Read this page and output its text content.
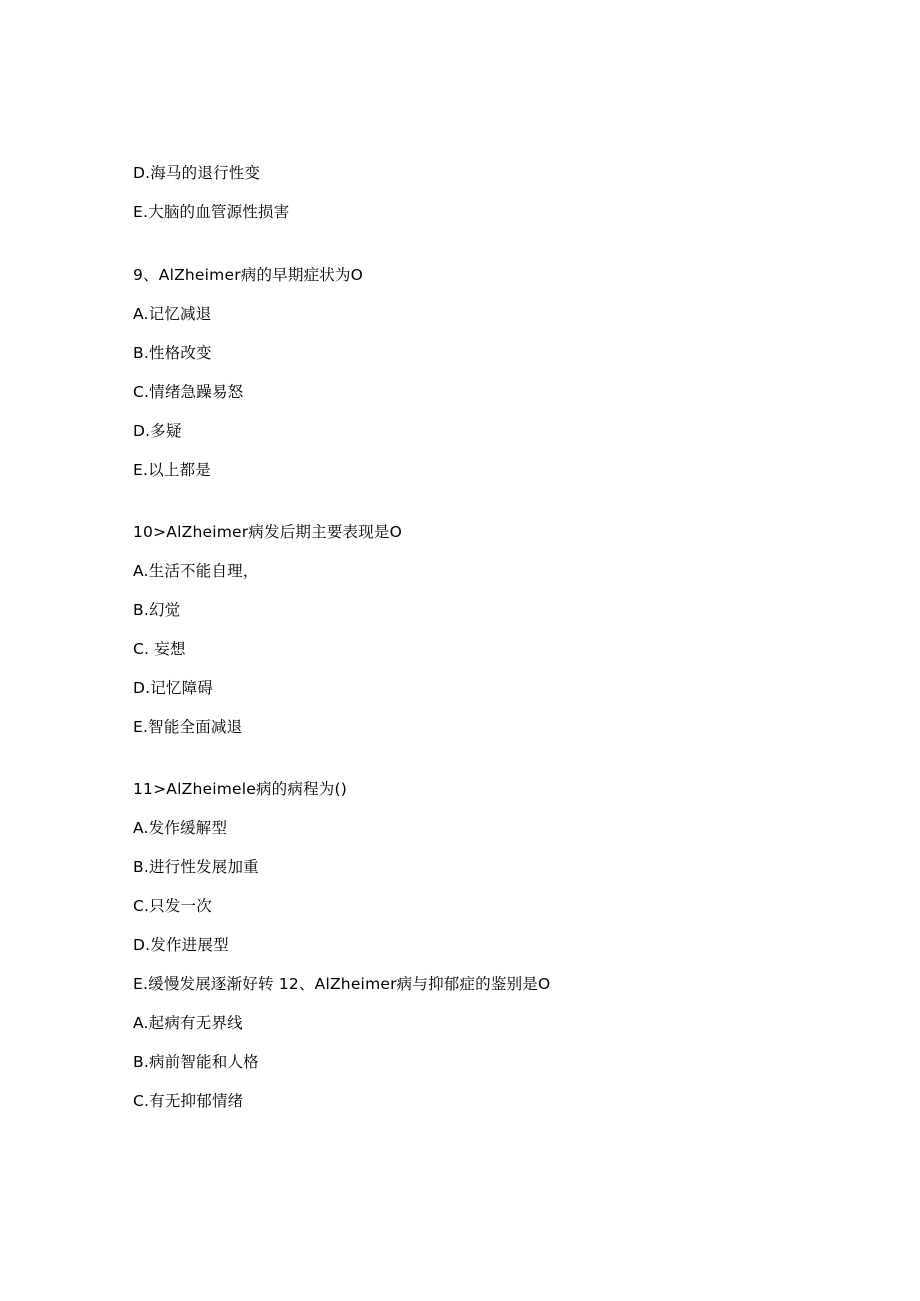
D.海马的退行性变
E.大脑的血管源性损害
9、AlZheimer病的早期症状为O
A.记忆减退
B.性格改变
C.情绪急躁易怒
D.多疑
E.以上都是
10>AlZheimer病发后期主要表现是O
A.生活不能自理，
B.幻觉
C. 妄想
D.记忆障碍
E.智能全面减退
11>AlZheimele病的病程为()
A.发作缓解型
B.进行性发展加重
C.只发一次
D.发作进展型
E.缓慢发展逐渐好转 12、AlZheimer病与抑郁症的鉴别是O
A.起病有无界线
B.病前智能和人格
C.有无抑郁情绪
